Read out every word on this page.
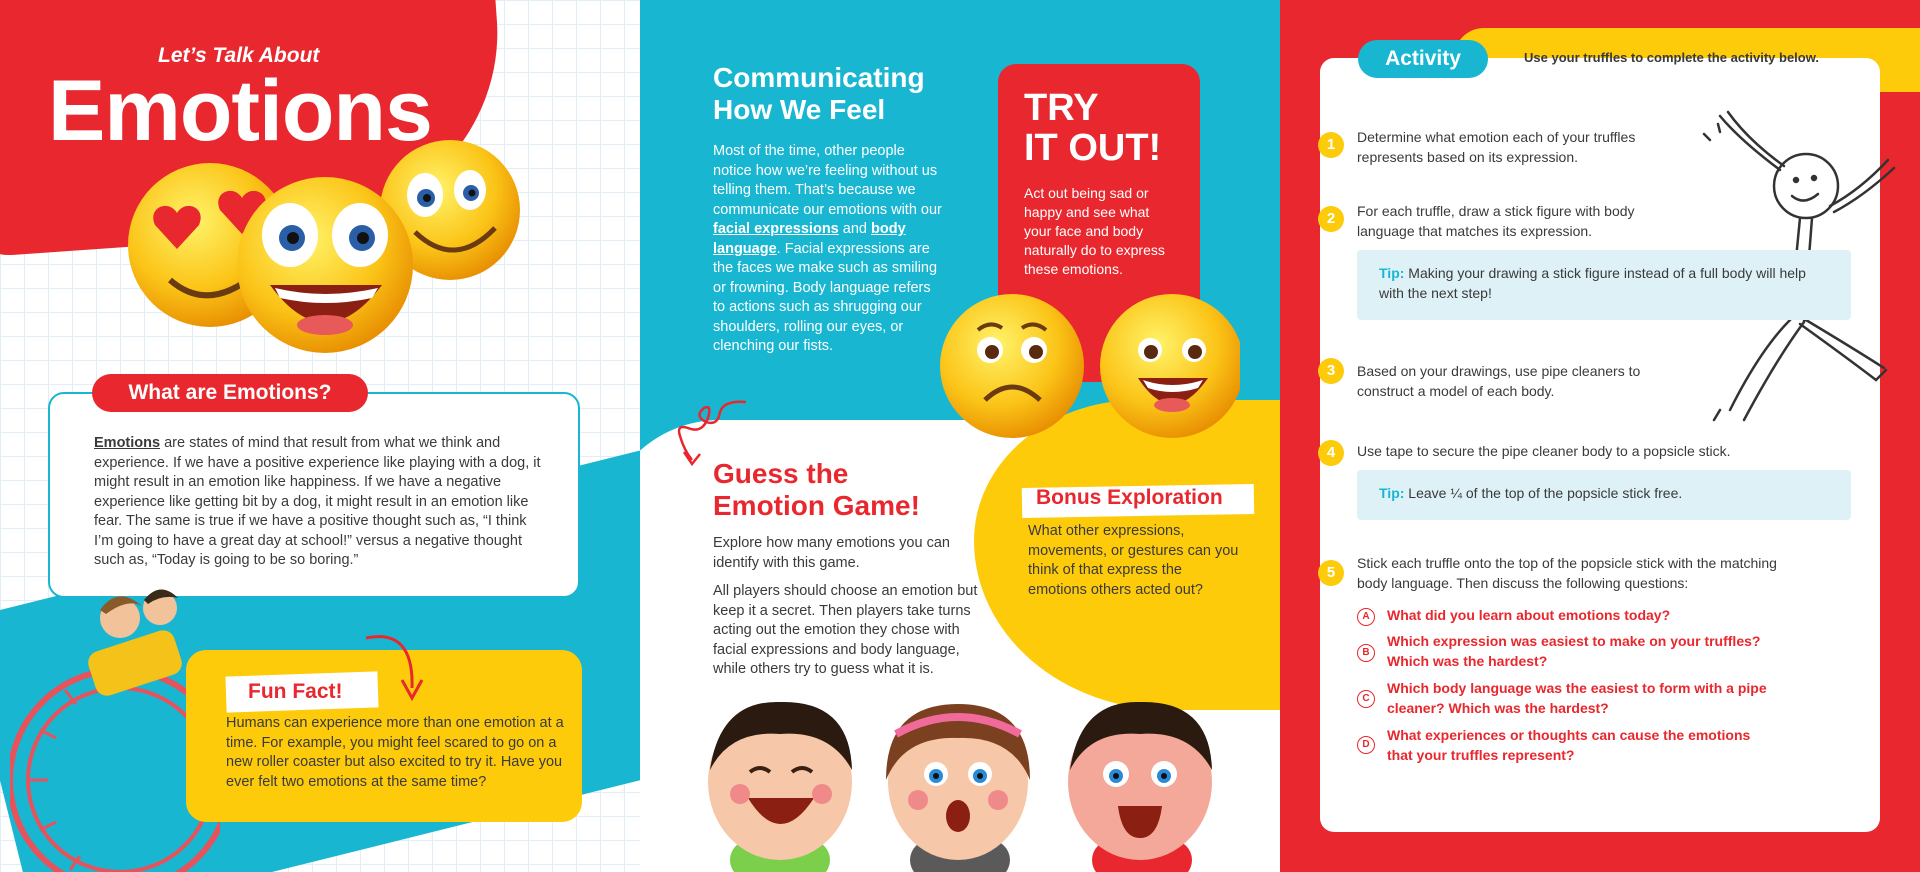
Let’s Talk About
Emotions
Emotions are states of mind that result from what we think and experience. If we have a positive experience like playing with a dog, it might result in an emotion like happiness. If we have a negative experience like getting bit by a dog, it might result in an emotion like fear. The same is true if we have a positive thought such as, “I think I’m going to have a great day at school!” versus a negative thought such as, “Today is going to be so boring.”
What are Emotions?
Humans can experience more than one emotion at a time. For example, you might feel scared to go on a new roller coaster but also excited to try it. Have you ever felt two emotions at the same time?
Fun Fact!
Communicating
How We Feel

Most of the time, other people notice how we’re feeling without us telling them. That’s because we communicate our emotions with our facial expressions and body language. Facial expressions are the faces we make such as smiling or frowning. Body language refers to actions such as shrugging our shoulders, rolling our eyes, or clenching our fists.

TRY
IT OUT!

Act out being sad or happy and see what your face and body naturally do to express these emotions.

Guess the
Emotion Game!

Explore how many emotions you can identify with this game.

All players should choose an emotion but keep it a secret. Then players take turns acting out the emotion they chose with facial expressions and body language, while others try to guess what it is.

Bonus Exploration

What other expressions, movements, or gestures can you think of that express the emotions others acted out?

Activity	Use your truffles to complete the activity below.
1	Determine what emotion each of your truffles represents based on its expression.

2	For each truffle, draw a stick figure with body language that matches its expression.

Tip: Making your drawing a stick figure instead of a full body will help with the next step!
3	Based on your drawings, use pipe cleaners to construct a model of each body.

4	Use tape to secure the pipe cleaner body to a popsicle stick.

Tip: Leave ¼ of the top of the popsicle stick free.
5

Stick each truffle onto the top of the popsicle stick with the matching body language. Then discuss the following questions:

A	What did you learn about emotions today?

B

Which expression was easiest to make on your truffles? Which was the hardest?

C

Which body language was the easiest to form with a pipe cleaner? Which was the hardest?

D

What experiences or thoughts can cause the emotions that your truffles represent?
